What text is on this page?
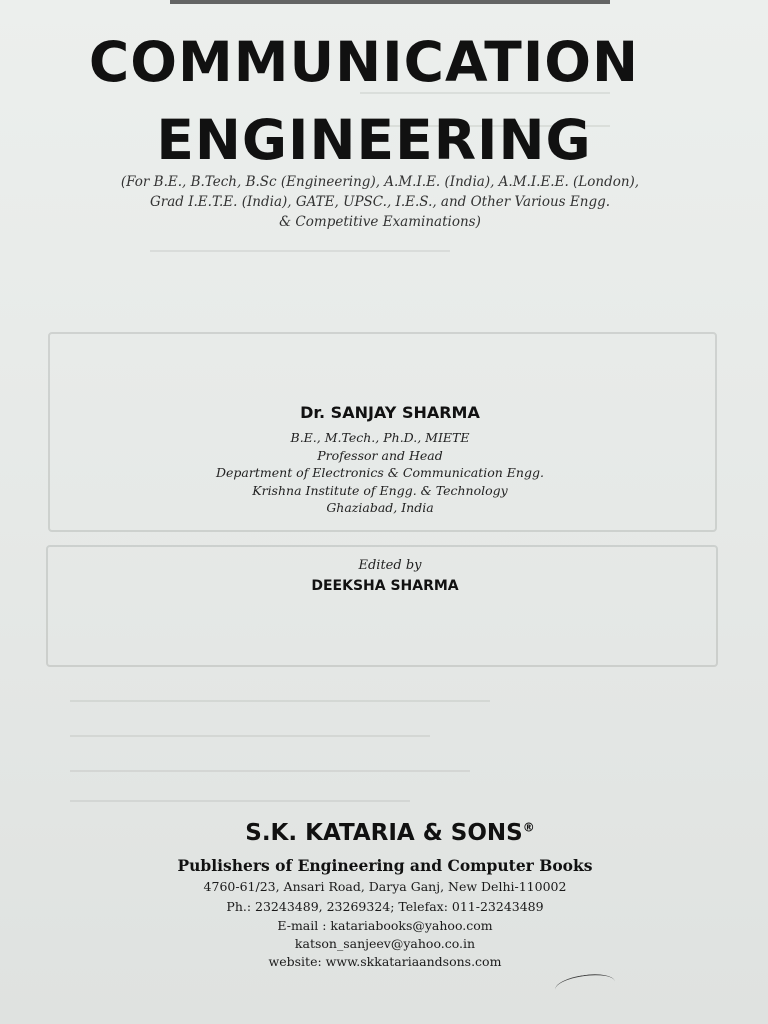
COMMUNICATION
ENGINEERING
(For B.E., B.Tech, B.Sc (Engineering), A.M.I.E. (India), A.M.I.E.E. (London),
Grad I.E.T.E. (India), GATE, UPSC., I.E.S., and Other Various Engg.
& Competitive Examinations)
Dr. SANJAY SHARMA
B.E., M.Tech., Ph.D., MIETE
Professor and Head
Department of Electronics & Communication Engg.
Krishna Institute of Engg. & Technology
Ghaziabad, India
Edited by
DEEKSHA SHARMA
S.K. KATARIA & SONS®
Publishers of Engineering and Computer Books
4760-61/23, Ansari Road, Darya Ganj, New Delhi-110002
Ph.: 23243489, 23269324; Telefax: 011-23243489
E-mail : katariabooks@yahoo.com
katson_sanjeev@yahoo.co.in
website: www.skkatariaandsons.com
